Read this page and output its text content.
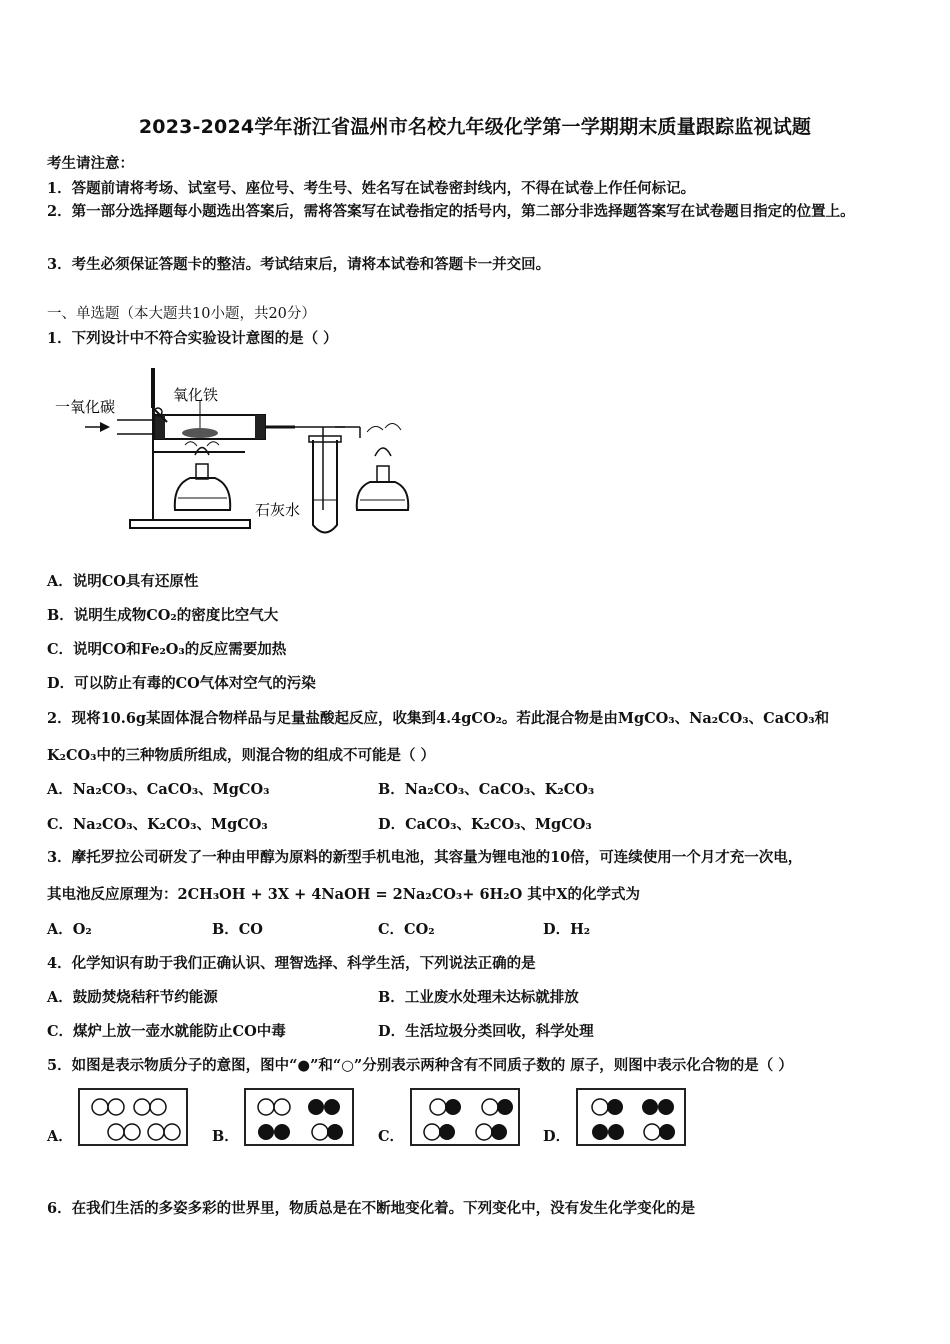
2023-2024学年浙江省温州市名校九年级化学第一学期期末质量跟踪监视试题
考生请注意：
1．答题前请将考场、试室号、座位号、考生号、姓名写在试卷密封线内，不得在试卷上作任何标记。
2．第一部分选择题每小题选出答案后，需将答案写在试卷指定的括号内，第二部分非选择题答案写在试卷题目指定的位置上。
3．考生必须保证答题卡的整洁。考试结束后，请将本试卷和答题卡一并交回。
一、单选题（本大题共10小题，共20分）
1．下列设计中不符合实验设计意图的是（ ）
一氧化碳
氧化铁
石灰水
A．说明CO具有还原性
B．说明生成物CO₂的密度比空气大
C．说明CO和Fe₂O₃的反应需要加热
D．可以防止有毒的CO气体对空气的污染
2．现将10.6g某固体混合物样品与足量盐酸起反应，收集到4.4gCO₂。若此混合物是由MgCO₃、Na₂CO₃、CaCO₃和
K₂CO₃中的三种物质所组成，则混合物的组成不可能是（ ）
A．Na₂CO₃、CaCO₃、MgCO₃	B．Na₂CO₃、CaCO₃、K₂CO₃
C．Na₂CO₃、K₂CO₃、MgCO₃	D．CaCO₃、K₂CO₃、MgCO₃
3．摩托罗拉公司研发了一种由甲醇为原料的新型手机电池，其容量为锂电池的10倍，可连续使用一个月才充一次电，
其电池反应原理为：2CH₃OH + 3X + 4NaOH = 2Na₂CO₃+ 6H₂O 其中X的化学式为
A．O₂	B．CO	C．CO₂	D．H₂
4．化学知识有助于我们正确认识、理智选择、科学生活，下列说法正确的是
A．鼓励焚烧秸秆节约能源	B．工业废水处理未达标就排放
C．煤炉上放一壶水就能防止CO中毒	D．生活垃圾分类回收，科学处理
5．如图是表示物质分子的意图，图中“●”和“○”分别表示两种含有不同质子数的 原子，则图中表示化合物的是（ ）
A．	B．	C．	D．
6．在我们生活的多姿多彩的世界里，物质总是在不断地变化着。下列变化中，没有发生化学变化的是
